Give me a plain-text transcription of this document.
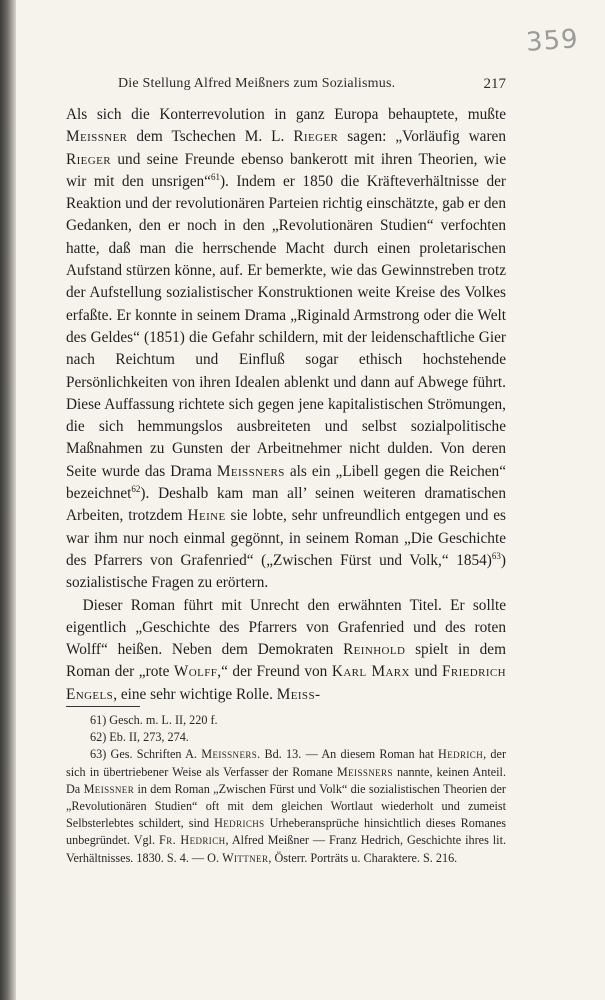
359
Die Stellung Alfred Meißners zum Sozialismus.	217

Als sich die Konterrevolution in ganz Europa behauptete, mußte Meissner dem Tschechen M. L. Rieger sagen: „Vorläufig waren Rieger und seine Freunde ebenso bankerott mit ihren Theorien, wie wir mit den unsrigen“$^{61}$). Indem er 1850 die Kräfteverhältnisse der Reaktion und der revolutionären Parteien richtig einschätzte, gab er den Gedanken, den er noch in den „Revolutionären Studien“ verfochten hatte, daß man die herrschende Macht durch einen proletarischen Aufstand stürzen könne, auf. Er bemerkte, wie das Gewinnstreben trotz der Aufstellung sozialistischer Konstruktionen weite Kreise des Volkes erfaßte. Er konnte in seinem Drama „Riginald Armstrong oder die Welt des Geldes“ (1851) die Gefahr schildern, mit der leidenschaftliche Gier nach Reichtum und Einfluß sogar ethisch hochstehende Persönlichkeiten von ihren Idealen ablenkt und dann auf Abwege führt. Diese Auffassung richtete sich gegen jene kapitalistischen Strömungen, die sich hemmungslos ausbreiteten und selbst sozialpolitische Maßnahmen zu Gunsten der Arbeitnehmer nicht dulden. Von deren Seite wurde das Drama Meissners als ein „Libell gegen die Reichen“ bezeichnet$^{62}$). Deshalb kam man all’ seinen weiteren dramatischen Arbeiten, trotzdem Heine sie lobte, sehr unfreundlich entgegen und es war ihm nur noch einmal gegönnt, in seinem Roman „Die Geschichte des Pfarrers von Grafenried“ („Zwischen Fürst und Volk,“ 1854)$^{63}$) sozialistische Fragen zu erörtern.

Dieser Roman führt mit Unrecht den erwähnten Titel. Er sollte eigentlich „Geschichte des Pfarrers von Grafenried und des roten Wolff“ heißen. Neben dem Demokraten Reinhold spielt in dem Roman der „rote Wolff,“ der Freund von Karl Marx und Friedrich Engels, eine sehr wichtige Rolle. Meiss-

61) Gesch. m. L. II, 220 f.
62) Eb. II, 273, 274.
63) Ges. Schriften A. Meissners. Bd. 13. — An diesem Roman hat Hedrich, der sich in übertriebener Weise als Verfasser der Romane Meissners nannte, keinen Anteil. Da Meissner in dem Roman „Zwischen Fürst und Volk“ die sozialistischen Theorien der „Revolutionären Studien“ oft mit dem gleichen Wortlaut wiederholt und zumeist Selbsterlebtes schildert, sind Hedrichs Urheberansprüche hinsichtlich dieses Romanes unbegründet. Vgl. Fr. Hedrich, Alfred Meißner — Franz Hedrich, Geschichte ihres lit. Verhältnisses. 1830. S. 4. — O. Wittner, Österr. Porträts u. Charaktere. S. 216.
